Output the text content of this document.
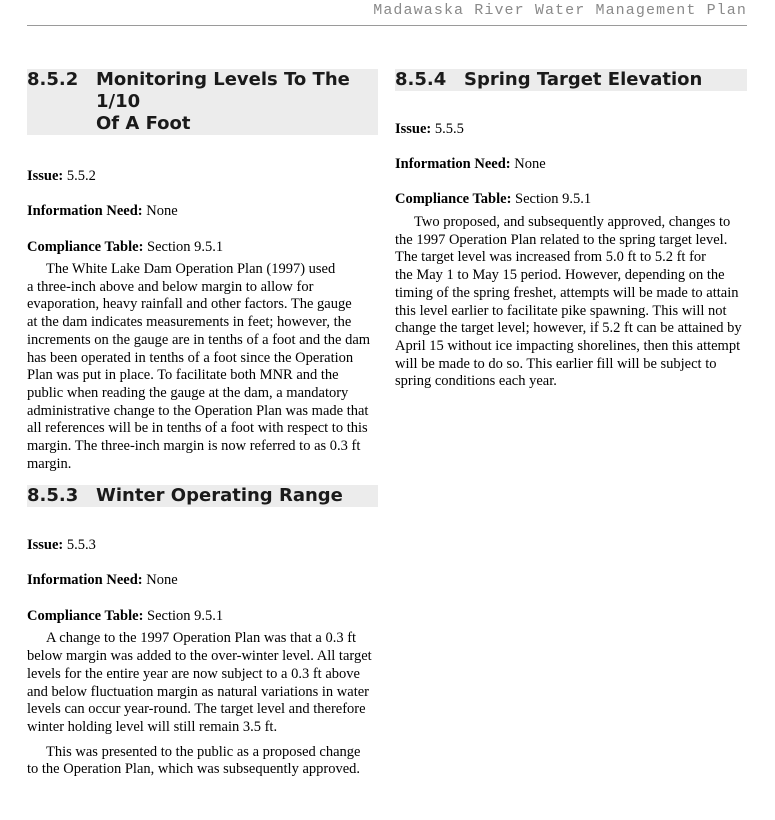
Madawaska River Water Management Plan
8.5.2 Monitoring Levels To The 1/10
Of A Foot

Issue: 5.5.2

Information Need: None

Compliance Table: Section 9.5.1

The White Lake Dam Operation Plan (1997) used
a three-inch above and below margin to allow for
evaporation, heavy rainfall and other factors. The gauge
at the dam indicates measurements in feet; however, the
increments on the gauge are in tenths of a foot and the dam
has been operated in tenths of a foot since the Operation
Plan was put in place. To facilitate both MNR and the
public when reading the gauge at the dam, a mandatory
administrative change to the Operation Plan was made that
all references will be in tenths of a foot with respect to this
margin. The three-inch margin is now referred to as 0.3 ft
margin.
8.5.3 Winter Operating Range

Issue: 5.5.3

Information Need: None

Compliance Table: Section 9.5.1

A change to the 1997 Operation Plan was that a 0.3 ft
below margin was added to the over-winter level. All target
levels for the entire year are now subject to a 0.3 ft above
and below fluctuation margin as natural variations in water
levels can occur year-round. The target level and therefore
winter holding level will still remain 3.5 ft.
This was presented to the public as a proposed change
to the Operation Plan, which was subsequently approved.
8.5.4 Spring Target Elevation

Issue: 5.5.5

Information Need: None

Compliance Table: Section 9.5.1

Two proposed, and subsequently approved, changes to
the 1997 Operation Plan related to the spring target level.
The target level was increased from 5.0 ft to 5.2 ft for
the May 1 to May 15 period. However, depending on the
timing of the spring freshet, attempts will be made to attain
this level earlier to facilitate pike spawning. This will not
change the target level; however, if 5.2 ft can be attained by
April 15 without ice impacting shorelines, then this attempt
will be made to do so. This earlier fill will be subject to
spring conditions each year.
